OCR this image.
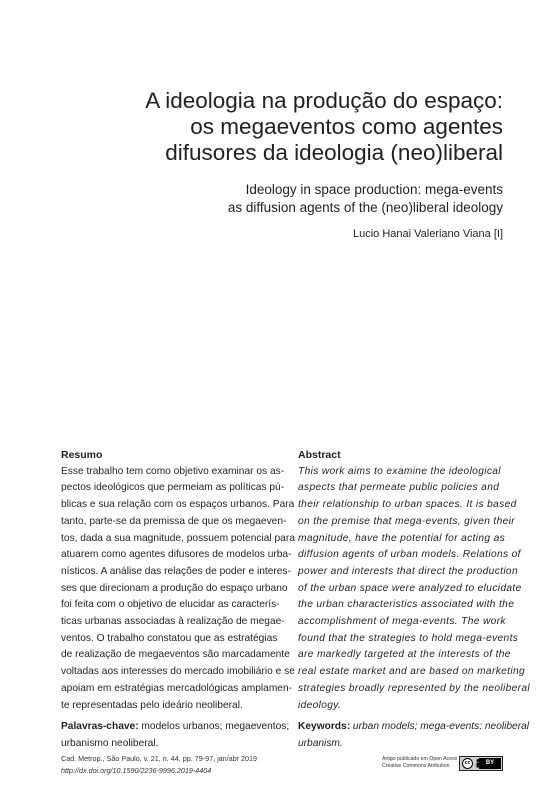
A ideologia na produção do espaço:
os megaeventos como agentes
difusores da ideologia (neo)liberal
Ideology in space production: mega-events
as diffusion agents of the (neo)liberal ideology
Lucio Hanai Valeriano Viana [I]
Resumo
Esse trabalho tem como objetivo examinar os as-
pectos ideológicos que permeiam as políticas pú-
blicas e sua relação com os espaços urbanos. Para
tanto, parte-se da premissa de que os megaeven-
tos, dada a sua magnitude, possuem potencial para
atuarem como agentes difusores de modelos urba-
nísticos. A análise das relações de poder e interes-
ses que direcionam a produção do espaço urbano
foi feita com o objetivo de elucidar as caracterís-
ticas urbanas associadas à realização de megae-
ventos. O trabalho constatou que as estratégias
de realização de megaeventos são marcadamente
voltadas aos interesses do mercado imobiliário e se
apoiam em estratégias mercadológicas amplamen-
te representadas pelo ideário neoliberal.
Palavras-chave: modelos urbanos; megaeventos;
urbanismo neoliberal.
Abstract
This work aims to examine the ideological
aspects that permeate public policies and
their relationship to urban spaces. It is based
on the premise that mega-events, given their
magnitude, have the potential for acting as
diffusion agents of urban models. Relations of
power and interests that direct the production
of the urban space were analyzed to elucidate
the urban characteristics associated with the
accomplishment of mega-events. The work
found that the strategies to hold mega-events
are markedly targeted at the interests of the
real estate market and are based on marketing
strategies broadly represented by the neoliberal
ideology.
Keywords: urban models; mega-events; neoliberal
urbanism.
Cad. Metrop., São Paulo, v. 21, n. 44, pp. 79-97, jan/abr 2019
http://dx.doi.org/10.1590/2236-9996.2019-4404
Artigo publicado em Open Acess
Creative Commons Atribution
cc	BY
